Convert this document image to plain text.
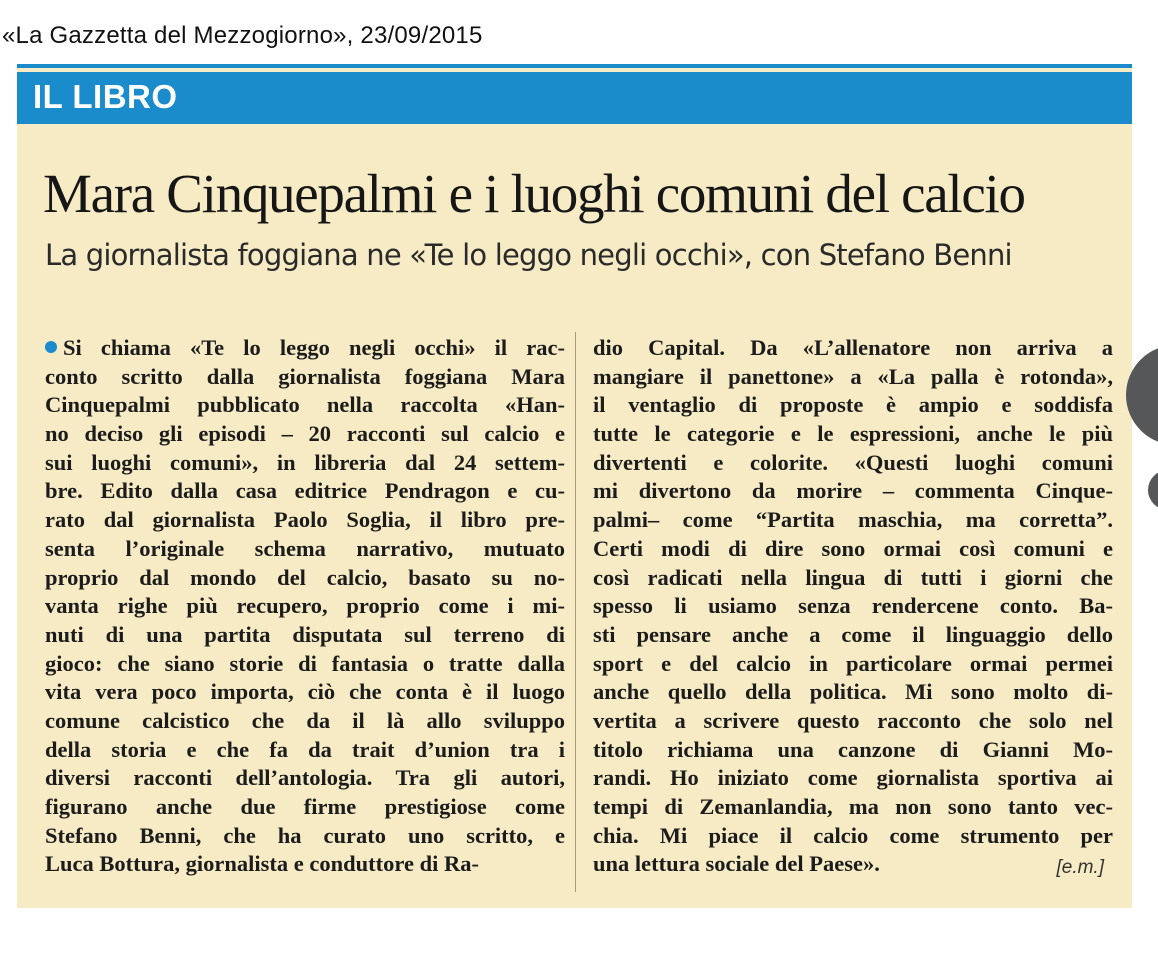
«La Gazzetta del Mezzogiorno», 23/09/2015
IL LIBRO
Mara Cinquepalmi e i luoghi comuni del calcio
La giornalista foggiana ne «Te lo leggo negli occhi», con Stefano Benni
Si chiama «Te lo leggo negli occhi» il rac-
conto scritto dalla giornalista foggiana Mara
Cinquepalmi pubblicato nella raccolta «Han-
no deciso gli episodi – 20 racconti sul calcio e
sui luoghi comuni», in libreria dal 24 settem-
bre. Edito dalla casa editrice Pendragon e cu-
rato dal giornalista Paolo Soglia, il libro pre-
senta l’originale schema narrativo, mutuato
proprio dal mondo del calcio, basato su no-
vanta righe più recupero, proprio come i mi-
nuti di una partita disputata sul terreno di
gioco: che siano storie di fantasia o tratte dalla
vita vera poco importa, ciò che conta è il luogo
comune calcistico che da il là allo sviluppo
della storia e che fa da trait d’union tra i
diversi racconti dell’antologia. Tra gli autori,
figurano anche due firme prestigiose come
Stefano Benni, che ha curato uno scritto, e
Luca Bottura, giornalista e conduttore di Ra-
dio Capital. Da «L’allenatore non arriva a
mangiare il panettone» a «La palla è rotonda»,
il ventaglio di proposte è ampio e soddisfa
tutte le categorie e le espressioni, anche le più
divertenti e colorite. «Questi luoghi comuni
mi divertono da morire – commenta Cinque-
palmi– come “Partita maschia, ma corretta”.
Certi modi di dire sono ormai così comuni e
così radicati nella lingua di tutti i giorni che
spesso li usiamo senza rendercene conto. Ba-
sti pensare anche a come il linguaggio dello
sport e del calcio in particolare ormai permei
anche quello della politica. Mi sono molto di-
vertita a scrivere questo racconto che solo nel
titolo richiama una canzone di Gianni Mo-
randi. Ho iniziato come giornalista sportiva ai
tempi di Zemanlandia, ma non sono tanto vec-
chia. Mi piace il calcio come strumento per
una lettura sociale del Paese».	[e.m.]
